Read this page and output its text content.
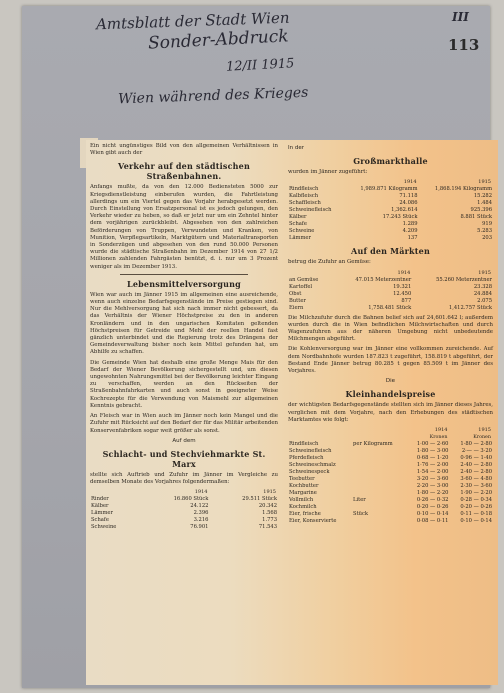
Amtsblatt der Stadt Wien	III
113
Sonder-Abdruck
12/II 1915
Wien während des Krieges

Ein nicht ungünstiges Bild von den allgemeinen Verhältnissen in Wien gibt auch der

Verkehr auf den städtischen Straßenbahnen.

Anfangs mußte, da von den 12.000 Bediensteten 5000 zur Kriegsdienstleistung einberufen wurden, die Fahrtleistung allerdings um ein Viertel gegen das Vorjahr herabgesetzt werden. Durch Einstellung von Ersatzpersonal ist es jedoch gelungen, den Verkehr wieder zu heben, so daß er jetzt nur um ein Zehntel hinter dem vorjährigen zurückbleibt. Abgesehen von den zahlreichen Beförderungen von Truppen, Verwundeten und Kranken, von Munition, Verpflegsartikeln, Marktgütern und Materialtransporten in Sonderzügen und abgesehen von den rund 50.000 Personen wurde die städtische Straßenbahn im Dezember 1914 von 27 1/2 Millionen zahlenden Fahrgästen benützt, d. i. nur um 3 Prozent weniger als im Dezember 1913.

Lebensmittelversorgung

Wien war auch im Jänner 1915 im allgemeinen eine ausreichende, wenn auch einzelne Bedarfsgegenstände im Preise gestiegen sind. Nur die Mehlversorgung hat sich nach immer nicht gebessert, da das Verhältnis der Wiener Höchstpreise zu den in anderen Kronländern und in den ungarischen Komitaten geltenden Höchstpreisen für Getreide und Mehl der reellen Handel fast gänzlich unterbindet und die Regierung trotz des Drängens der Gemeindeverwaltung bisher noch kein Mittel gefunden hat, um Abhilfe zu schaffen.

Die Gemeinde Wien hat deshalb eine große Menge Mais für den Bedarf der Wiener Bevölkerung sichergestellt und, um diesen ungewohnten Nahrungsmittel bei der Bevölkerung leichter Eingang zu verschaffen, werden an den Rückseiten der Straßenbahnfahrkarten und auch sonst in geeigneter Weise Kochrezepte für die Verwendung von Maismehl zur allgemeinen Kenntnis gebracht.

An Fleisch war in Wien auch im Jänner noch kein Mangel und die Zufuhr mit Rücksicht auf den Bedarf der für das Militär arbeitenden Konservenfabriken sogar weit größer als sonst.

Auf dem
Schlacht- und Stechviehmarkte St. Marx

stellte sich Auftrieb und Zufuhr im Jänner im Vergleiche zu demselben Monate des Vorjahres folgendermaßen:

	1914	1915
Rinder	16.860 Stück	29.511 Stück
Kälber	24.122	20.342
Lämmer	2.396	1.568
Schafe	3.216	1.773
Schweine	76.901	71.543
In der
Großmarkthalle

wurden im Jänner zugeführt:

	1914	1915
Rindfleisch	1,989.871 Kilogramm	1,868.194 Kilogramm
Kalbfleisch	71.118	15.282
Schaffleisch	24.086	1.484
Schweinefleisch	1,362.614	925.396
Kälber	17.243 Stück	8.881 Stück
Schafe	1.289	919
Schweine	4.209	5.283
Lämmer	137	203
Auf den Märkten

betrug die Zufuhr an Gemüse:

	1914	1915
an Gemüse	47.015 Meterzentner	55.260 Meterzentner
Kartoffel	19.321	23.328
Obst	12.450	24.884
Butter	877	2.075
Eiern	1,758.481 Stück	1,412.757 Stück

Die Milchzufuhr durch die Bahnen belief sich auf 24,601.642 l; außerdem wurden durch die in Wien befindlichen Milchwirtschaften und durch Wagenzufuhren aus der näheren Umgebung nicht unbedeutende Milchmengen abgeführt.

Die Kohlenversorgung war im Jänner eine vollkommen zureichende. Auf dem Nordbahnhofe wurden 187.823 t zugeführt, 158.819 t abgeführt, der Bestand Ende Jänner betrug 80.285 t gegen 85.509 t im Jänner des Vorjahres.

Die
Kleinhandelspreise

der wichtigsten Bedarfsgegenstände stellten sich im Jänner dieses Jahres, verglichen mit dem Vorjahre, nach den Erhebungen des städtischen Marktamtes wie folgt:

		1914	1915
		Kronen	Kronen
Rindfleisch	per Kilogramm	1·00 — 2·60	1·80 — 2·80
Schweinefleisch		1·80 — 3·00	2·— — 3·20
Pferdefleisch		0·68 — 1·20	0·96 — 1·40
Schweineschmalz		1·76 — 2·00	2·40 — 2·80
Schweinespeck		1·54 — 2·00	2·40 — 2·80
Teebutter		3·20 — 3·60	3·60 — 4·80
Kochbutter		2·20 — 3·00	2·30 — 3·60
Margarine		1·80 — 2·20	1·90 — 2·20
Vollmilch	Liter	0·26 — 0·32	0·28 — 0·34
Kochmilch		0·20 — 0·26	0·20 — 0·26
Eier, frische	Stück	0·10 — 0·14	0·11 — 0·18
Eier, Konservierte		0·08 — 0·11	0·10 — 0·14
